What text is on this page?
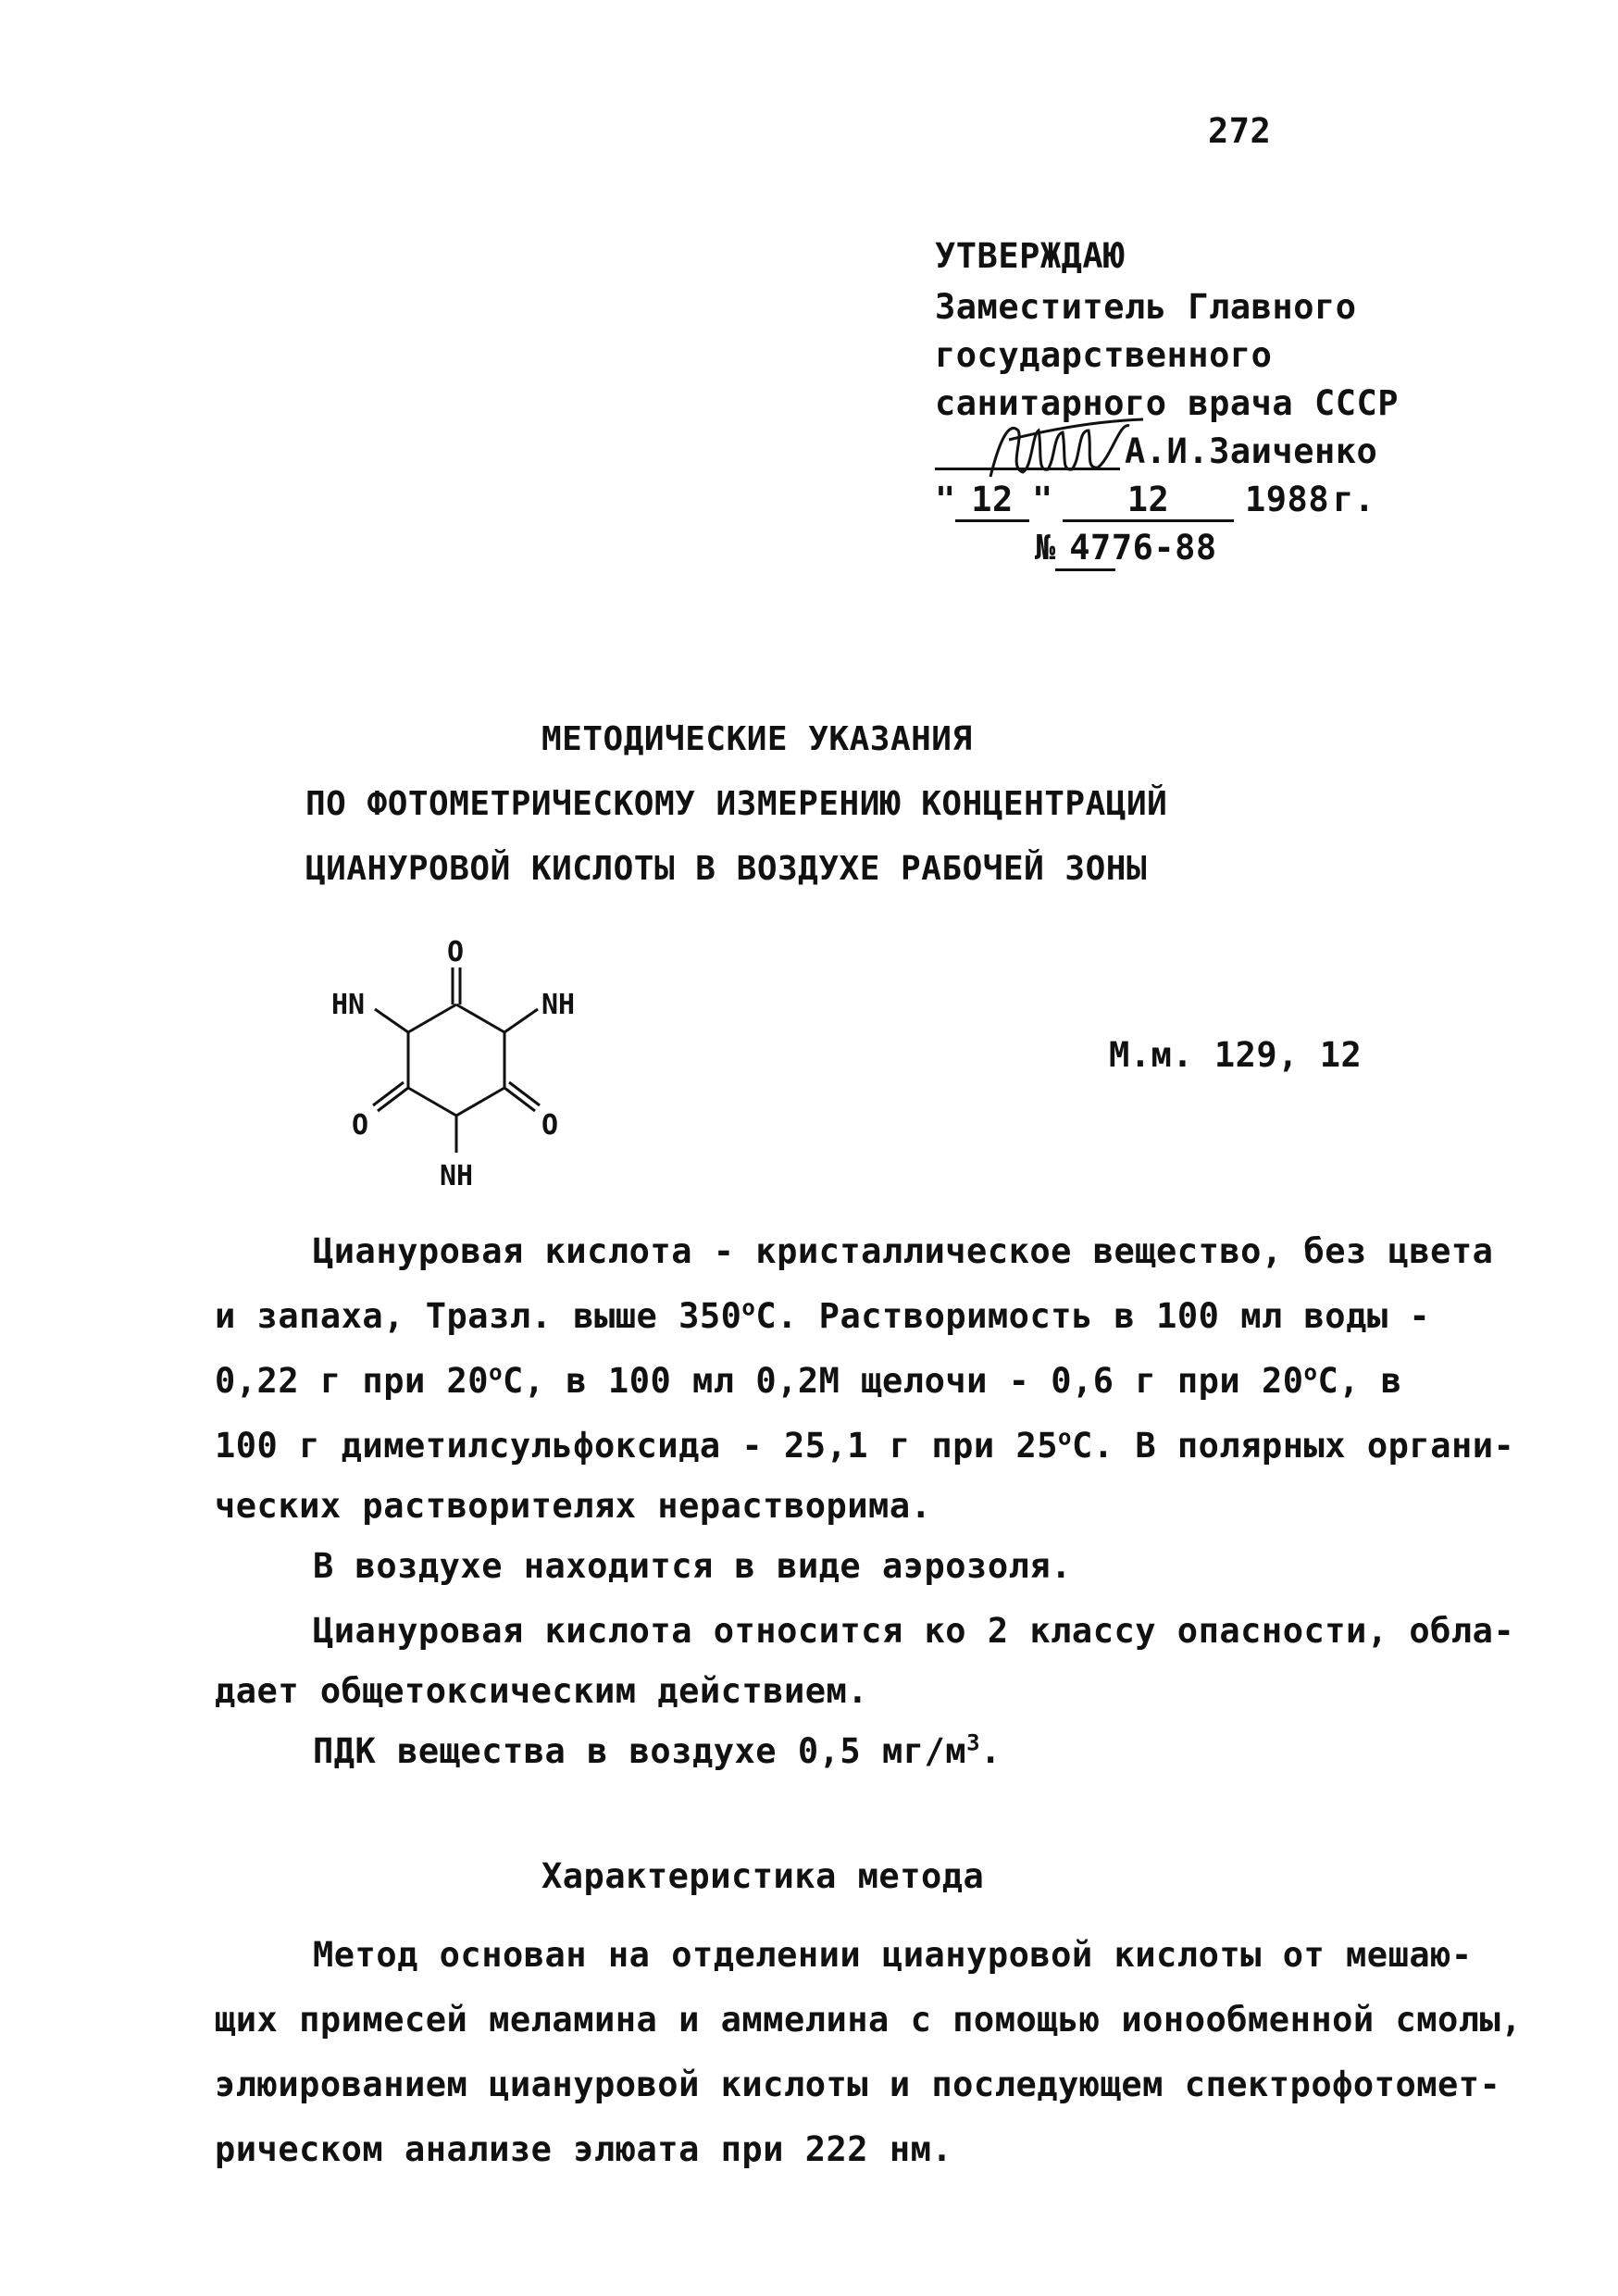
272
УТВЕРЖДАЮ
Заместитель Главного
государственного
санитарного врача СССР
А.И.Заиченко
" 12 "	12	1988 г.
№ 4776-88
МЕТОДИЧЕСКИЕ УКАЗАНИЯ
ПО ФОТОМЕТРИЧЕСКОМУ ИЗМЕРЕНИЮ КОНЦЕНТРАЦИЙ
ЦИАНУРОВОЙ КИСЛОТЫ В ВОЗДУХЕ РАБОЧЕЙ ЗОНЫ
O
HN	NH
O	O
NH
М.м. 129, 12
Циануровая кислота - кристаллическое вещество, без цвета
и запаха, Тразл. выше $350^оС$. Растворимость в 100 мл воды -
0,22 г при $20^оС$, в 100 мл 0,2М щелочи - 0,6 г при $20^оС$, в
100 г диметилсульфоксида - 25,1 г при $25^оС$. В полярных органи-
ческих растворителях нерастворима.
В воздухе находится в виде аэрозоля.
Циануровая кислота относится ко 2 классу опасности, обла-
дает общетоксическим действием.
ПДК вещества в воздухе 0,5 $мг/м^3$.
Характеристика метода
Метод основан на отделении циануровой кислоты от мешаю-
щих примесей меламина и аммелина с помощью ионообменной смолы,
элюированием циануровой кислоты и последующем спектрофотомет-
рическом анализе элюата при 222 нм.
